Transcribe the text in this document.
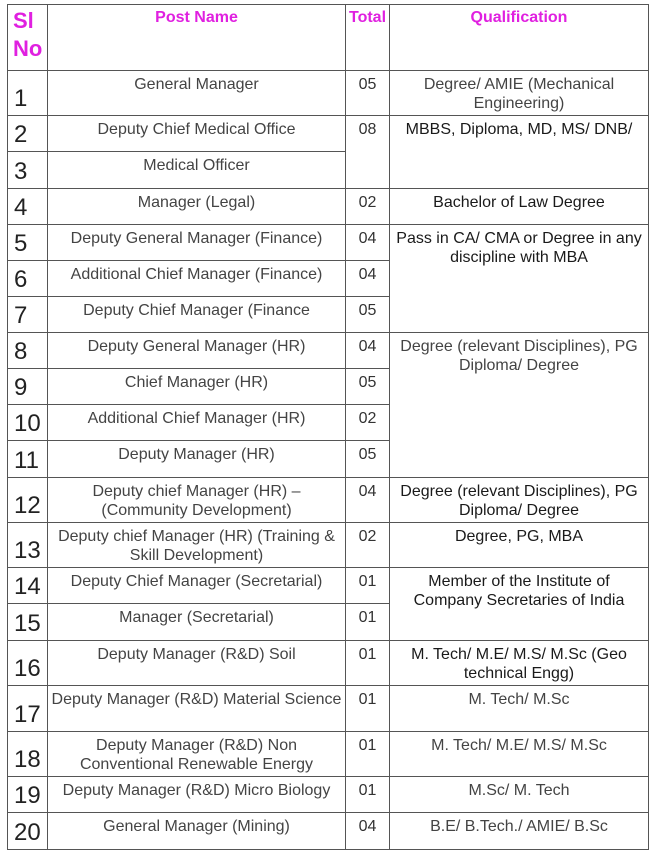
Sl No	Post Name	Total	Qualification
1	General Manager	05	Degree/ AMIE (Mechanical Engineering)
2	Deputy Chief Medical Office	08	MBBS, Diploma, MD, MS/ DNB/
3	Medical Officer		
4	Manager (Legal)	02	Bachelor of Law Degree
5	Deputy General Manager (Finance)	04	Pass in CA/ CMA or Degree in any discipline with MBA
6	Additional Chief Manager (Finance)	04	
7	Deputy Chief Manager (Finance	05	
8	Deputy General Manager (HR)	04	Degree (relevant Disciplines), PG Diploma/ Degree
9	Chief Manager (HR)	05	
10	Additional Chief Manager (HR)	02	
11	Deputy Manager (HR)	05	
12	Deputy chief Manager (HR) – (Community Development)	04	Degree (relevant Disciplines), PG Diploma/ Degree
13	Deputy chief Manager (HR) (Training & Skill Development)	02	Degree, PG, MBA
14	Deputy Chief Manager (Secretarial)	01	Member of the Institute of Company Secretaries of India
15	Manager (Secretarial)	01	
16	Deputy Manager (R&D) Soil	01	M. Tech/ M.E/ M.S/ M.Sc (Geo technical Engg)
17	Deputy Manager (R&D) Material Science	01	M. Tech/ M.Sc
18	Deputy Manager (R&D) Non Conventional Renewable Energy	01	M. Tech/ M.E/ M.S/ M.Sc
19	Deputy Manager (R&D) Micro Biology	01	M.Sc/ M. Tech
20	General Manager (Mining)	04	B.E/ B.Tech./ AMIE/ B.Sc
